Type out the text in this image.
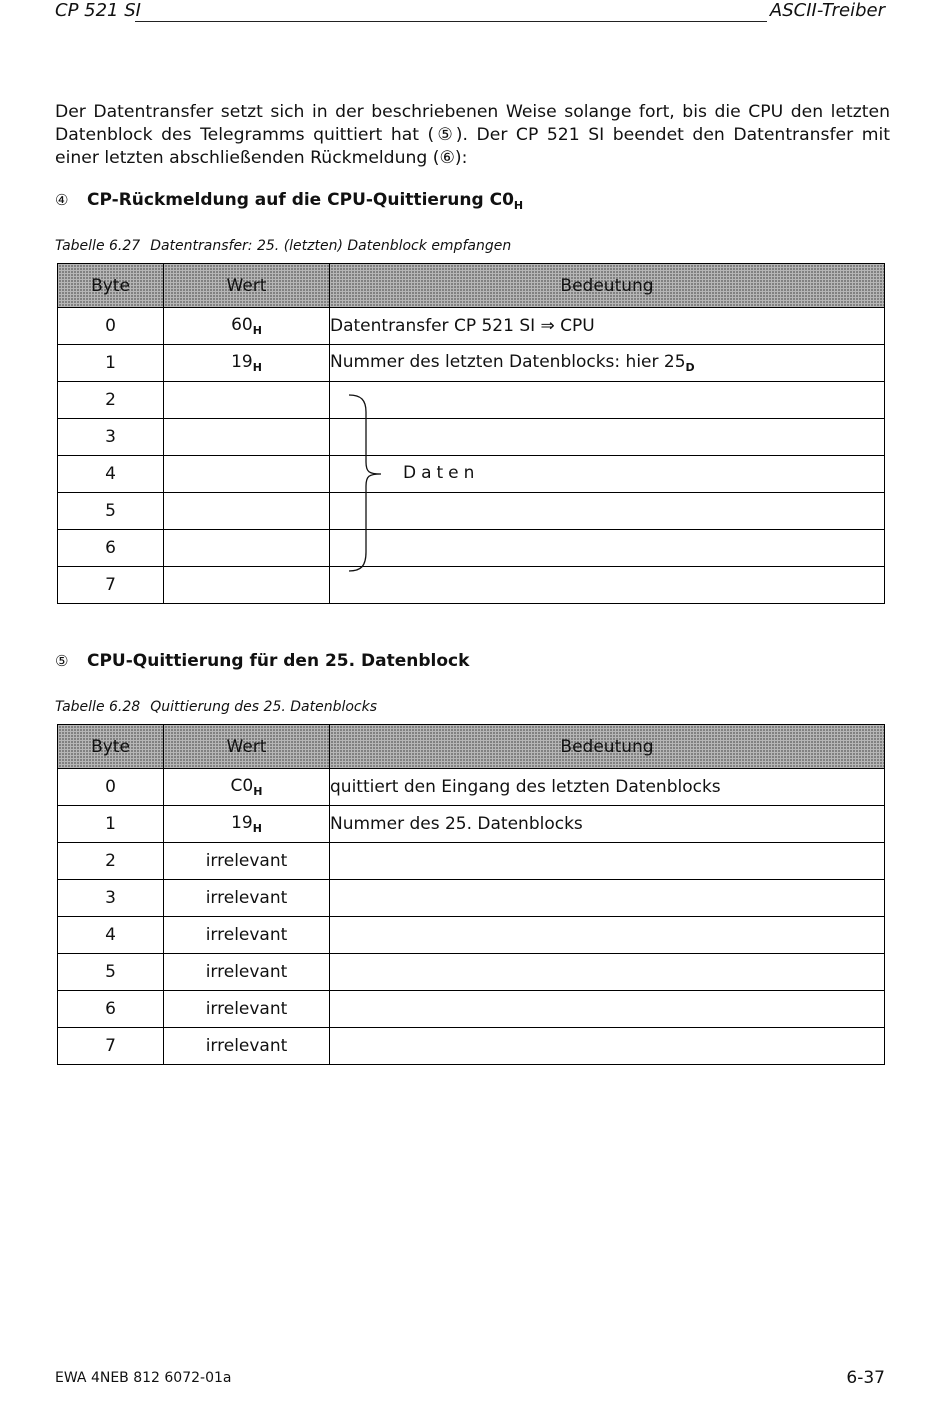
CP 521 SI	ASCII-Treiber

Der Datentransfer setzt sich in der beschriebenen Weise solange fort, bis die CPU den letzten Datenblock des Telegramms quittiert hat (⑤). Der CP 521 SI beendet den Datentransfer mit einer letzten abschließenden Rückmeldung (⑥):

④ CP-Rückmeldung auf die CPU-Quittierung $C0_H$
Tabelle 6.27 Datentransfer: 25. (letzten) Datenblock empfangen
Byte	Wert	Bedeutung
0	$60_H$	Datentransfer CP 521 SI ⇒ CPU
1	$19_H$	Nummer des letzten Datenblocks: hier $25_D$
2		
3		
4		
5		
6		
7		
Daten
⑤ CPU-Quittierung für den 25. Datenblock
Tabelle 6.28 Quittierung des 25. Datenblocks
Byte	Wert	Bedeutung
0	$C0_H$	quittiert den Eingang des letzten Datenblocks
1	$19_H$	Nummer des 25. Datenblocks
2	irrelevant	
3	irrelevant	
4	irrelevant	
5	irrelevant	
6	irrelevant	
7	irrelevant	
EWA 4NEB 812 6072-01a	6-37
